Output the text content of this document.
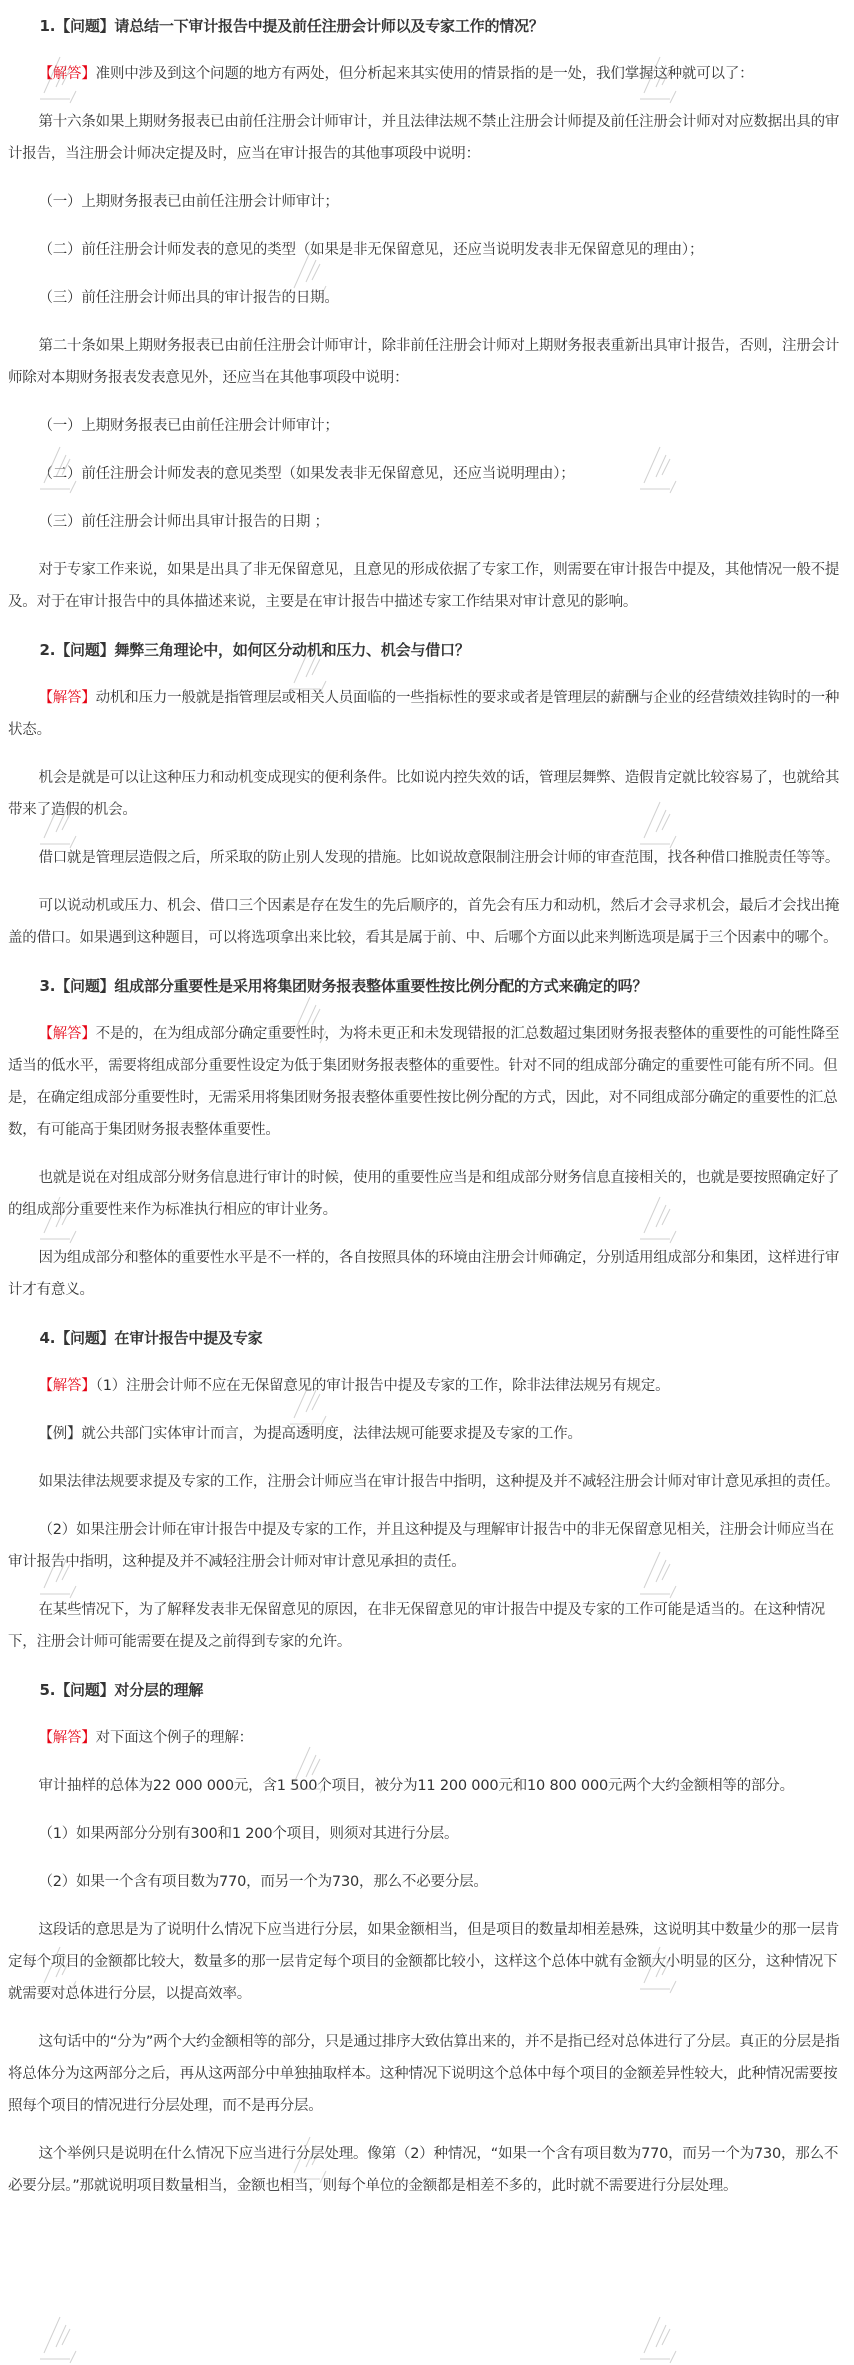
1.【问题】请总结一下审计报告中提及前任注册会计师以及专家工作的情况？
【解答】准则中涉及到这个问题的地方有两处，但分析起来其实使用的情景指的是一处，我们掌握这种就可以了：
第十六条如果上期财务报表已由前任注册会计师审计，并且法律法规不禁止注册会计师提及前任注册会计师对对应数据出具的审计报告，当注册会计师决定提及时，应当在审计报告的其他事项段中说明：
（一）上期财务报表已由前任注册会计师审计；
（二）前任注册会计师发表的意见的类型（如果是非无保留意见，还应当说明发表非无保留意见的理由）；
（三）前任注册会计师出具的审计报告的日期。
第二十条如果上期财务报表已由前任注册会计师审计，除非前任注册会计师对上期财务报表重新出具审计报告，否则，注册会计师除对本期财务报表发表意见外，还应当在其他事项段中说明：
（一）上期财务报表已由前任注册会计师审计；
（二）前任注册会计师发表的意见类型（如果发表非无保留意见，还应当说明理由）；
（三）前任注册会计师出具审计报告的日期 ；
对于专家工作来说，如果是出具了非无保留意见，且意见的形成依据了专家工作，则需要在审计报告中提及，其他情况一般不提及。对于在审计报告中的具体描述来说，主要是在审计报告中描述专家工作结果对审计意见的影响。
2.【问题】舞弊三角理论中，如何区分动机和压力、机会与借口？
【解答】动机和压力一般就是指管理层或相关人员面临的一些指标性的要求或者是管理层的薪酬与企业的经营绩效挂钩时的一种状态。
机会是就是可以让这种压力和动机变成现实的便利条件。比如说内控失效的话，管理层舞弊、造假肯定就比较容易了，也就给其带来了造假的机会。
借口就是管理层造假之后，所采取的防止别人发现的措施。比如说故意限制注册会计师的审查范围，找各种借口推脱责任等等。
可以说动机或压力、机会、借口三个因素是存在发生的先后顺序的，首先会有压力和动机，然后才会寻求机会，最后才会找出掩盖的借口。如果遇到这种题目，可以将选项拿出来比较，看其是属于前、中、后哪个方面以此来判断选项是属于三个因素中的哪个。
3.【问题】组成部分重要性是采用将集团财务报表整体重要性按比例分配的方式来确定的吗？
【解答】不是的，在为组成部分确定重要性时，为将未更正和未发现错报的汇总数超过集团财务报表整体的重要性的可能性降至适当的低水平，需要将组成部分重要性设定为低于集团财务报表整体的重要性。针对不同的组成部分确定的重要性可能有所不同。但是，在确定组成部分重要性时，无需采用将集团财务报表整体重要性按比例分配的方式，因此，对不同组成部分确定的重要性的汇总数，有可能高于集团财务报表整体重要性。
也就是说在对组成部分财务信息进行审计的时候，使用的重要性应当是和组成部分财务信息直接相关的，也就是要按照确定好了的组成部分重要性来作为标准执行相应的审计业务。
因为组成部分和整体的重要性水平是不一样的，各自按照具体的环境由注册会计师确定，分别适用组成部分和集团，这样进行审计才有意义。
4.【问题】在审计报告中提及专家
【解答】（1）注册会计师不应在无保留意见的审计报告中提及专家的工作，除非法律法规另有规定。
【例】就公共部门实体审计而言，为提高透明度，法律法规可能要求提及专家的工作。
如果法律法规要求提及专家的工作，注册会计师应当在审计报告中指明，这种提及并不减轻注册会计师对审计意见承担的责任。
（2）如果注册会计师在审计报告中提及专家的工作，并且这种提及与理解审计报告中的非无保留意见相关，注册会计师应当在审计报告中指明，这种提及并不减轻注册会计师对审计意见承担的责任。
在某些情况下，为了解释发表非无保留意见的原因，在非无保留意见的审计报告中提及专家的工作可能是适当的。在这种情况下，注册会计师可能需要在提及之前得到专家的允许。
5.【问题】对分层的理解
【解答】对下面这个例子的理解：
审计抽样的总体为22 000 000元，含1 500个项目，被分为11 200 000元和10 800 000元两个大约金额相等的部分。
（1）如果两部分分别有300和1 200个项目，则须对其进行分层。
（2）如果一个含有项目数为770，而另一个为730，那么不必要分层。
这段话的意思是为了说明什么情况下应当进行分层，如果金额相当，但是项目的数量却相差悬殊，这说明其中数量少的那一层肯定每个项目的金额都比较大，数量多的那一层肯定每个项目的金额都比较小，这样这个总体中就有金额大小明显的区分，这种情况下就需要对总体进行分层，以提高效率。
这句话中的“分为”两个大约金额相等的部分，只是通过排序大致估算出来的，并不是指已经对总体进行了分层。真正的分层是指将总体分为这两部分之后，再从这两部分中单独抽取样本。这种情况下说明这个总体中每个项目的金额差异性较大，此种情况需要按照每个项目的情况进行分层处理，而不是再分层。
这个举例只是说明在什么情况下应当进行分层处理。像第（2）种情况，“如果一个含有项目数为770，而另一个为730，那么不必要分层。”那就说明项目数量相当，金额也相当，则每个单位的金额都是相差不多的，此时就不需要进行分层处理。
